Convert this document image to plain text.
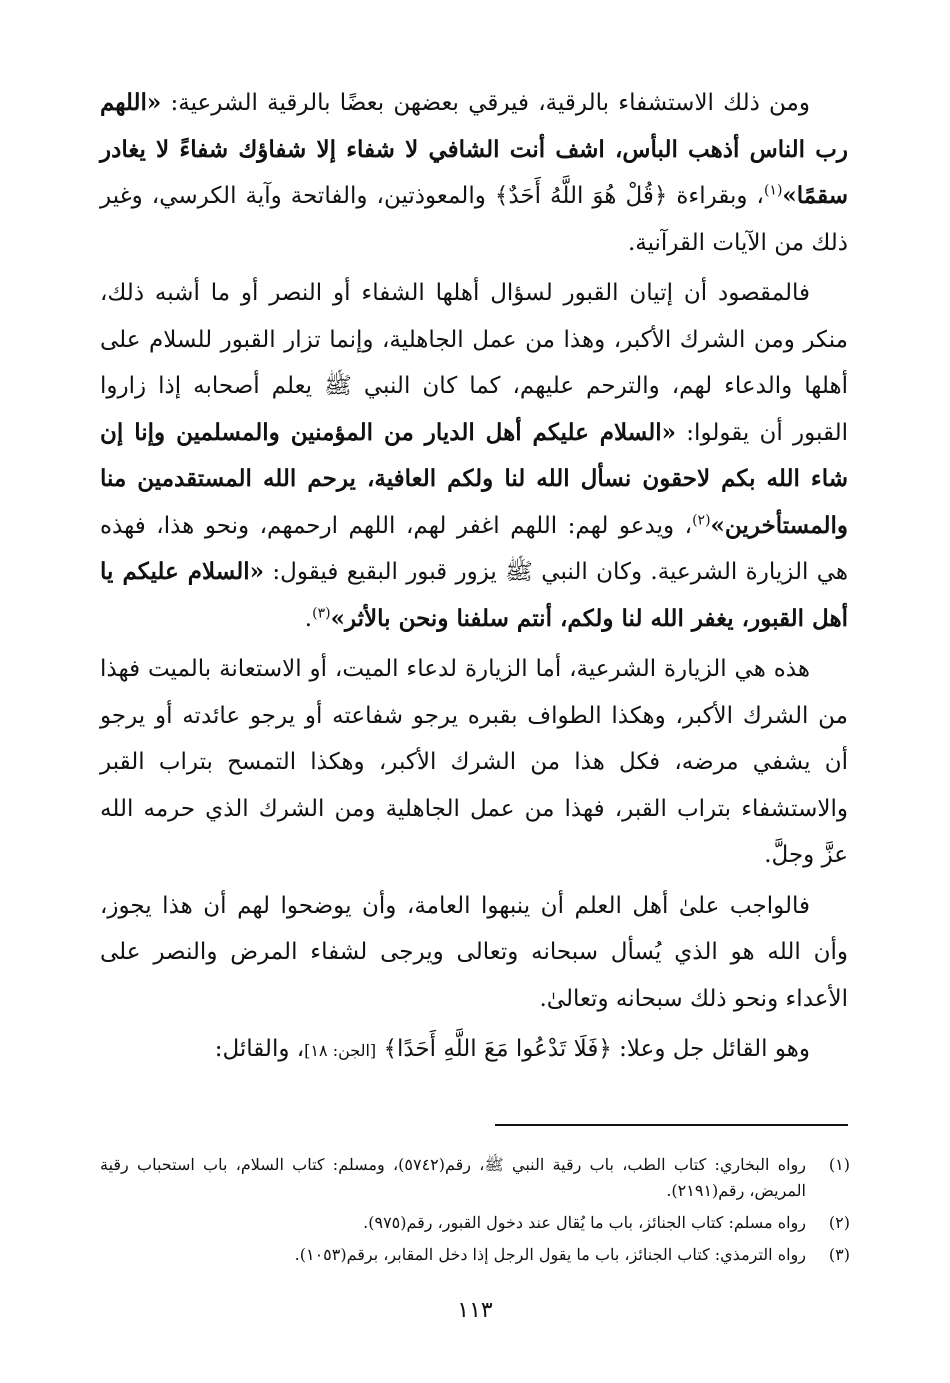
ومن ذلك الاستشفاء بالرقية، فيرقي بعضهن بعضًا بالرقية الشرعية: «اللهم رب الناس أذهب البأس، اشف أنت الشافي لا شفاء إلا شفاؤك شفاءً لا يغادر سقمًا»$^{(١)}$، وبقراءة ﴿قُلْ هُوَ اللَّهُ أَحَدٌ﴾ والمعوذتين، والفاتحة وآية الكرسي، وغير ذلك من الآيات القرآنية.

فالمقصود أن إتيان القبور لسؤال أهلها الشفاء أو النصر أو ما أشبه ذلك، منكر ومن الشرك الأكبر، وهذا من عمل الجاهلية، وإنما تزار القبور للسلام على أهلها والدعاء لهم، والترحم عليهم، كما كان النبي ﷺ يعلم أصحابه إذا زاروا القبور أن يقولوا: «السلام عليكم أهل الديار من المؤمنين والمسلمين وإنا إن شاء الله بكم لاحقون نسأل الله لنا ولكم العافية، يرحم الله المستقدمين منا والمستأخرين»$^{(٢)}$، ويدعو لهم: اللهم اغفر لهم، اللهم ارحمهم، ونحو هذا، فهذه هي الزيارة الشرعية. وكان النبي ﷺ يزور قبور البقيع فيقول: «السلام عليكم يا أهل القبور، يغفر الله لنا ولكم، أنتم سلفنا ونحن بالأثر»$^{(٣)}$.

هذه هي الزيارة الشرعية، أما الزيارة لدعاء الميت، أو الاستعانة بالميت فهذا من الشرك الأكبر، وهكذا الطواف بقبره يرجو شفاعته أو يرجو عائدته أو يرجو أن يشفي مرضه، فكل هذا من الشرك الأكبر، وهكذا التمسح بتراب القبر والاستشفاء بتراب القبر، فهذا من عمل الجاهلية ومن الشرك الذي حرمه الله عزَّ وجلَّ.

فالواجب علىٰ أهل العلم أن ينبهوا العامة، وأن يوضحوا لهم أن هذا يجوز، وأن الله هو الذي يُسأل سبحانه وتعالى ويرجى لشفاء المرض والنصر على الأعداء ونحو ذلك سبحانه وتعالىٰ.

وهو القائل جل وعلا: ﴿فَلَا تَدْعُوا مَعَ اللَّهِ أَحَدًا﴾ [الجن: ١٨]، والقائل:

(١)
رواه البخاري: كتاب الطب، باب رقية النبي ﷺ، رقم(٥٧٤٢)، ومسلم: كتاب السلام، باب استحباب رقية المريض، رقم(٢١٩١).
(٢)
رواه مسلم: كتاب الجنائز، باب ما يُقال عند دخول القبور، رقم(٩٧٥).
(٣)
رواه الترمذي: كتاب الجنائز، باب ما يقول الرجل إذا دخل المقابر، برقم(١٠٥٣).
١١٣
